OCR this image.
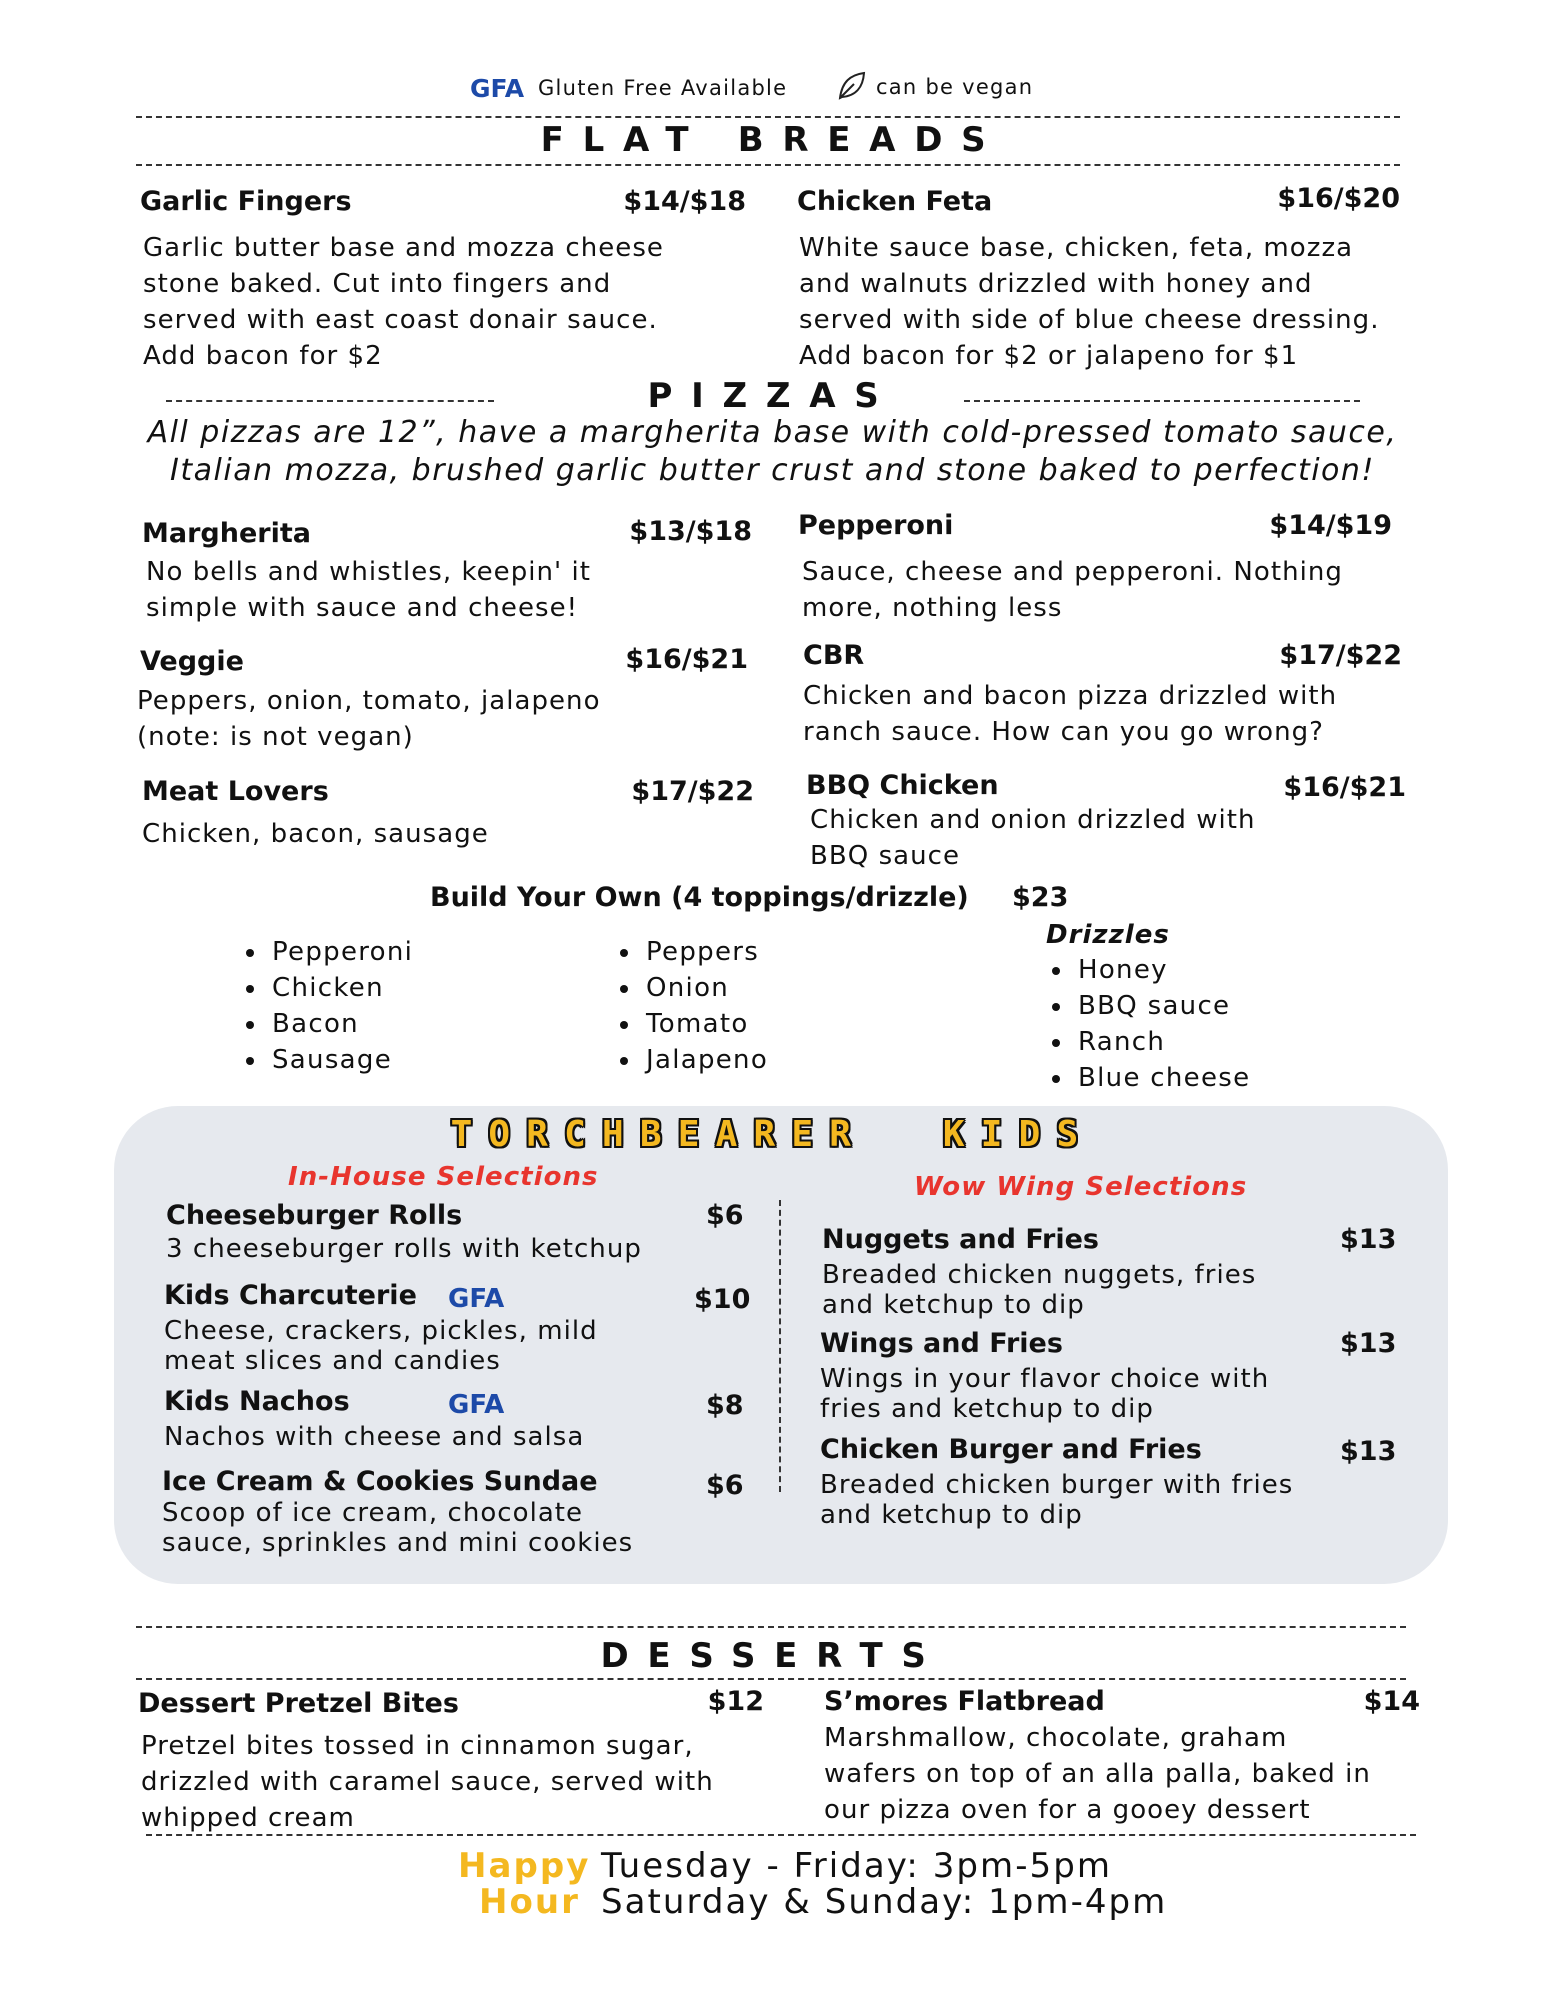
GFA Gluten Free Available	can be vegan
FLAT BREADS
Garlic Fingers	$14/$18
Garlic butter base and mozza cheese stone baked. Cut into fingers and served with east coast donair sauce. Add bacon for $2
Chicken Feta	$16/$20
White sauce base, chicken, feta, mozza and walnuts drizzled with honey and served with side of blue cheese dressing. Add bacon for $2 or jalapeno for $1
PIZZAS
All pizzas are 12”, have a margherita base with cold-pressed tomato sauce, Italian mozza, brushed garlic butter crust and stone baked to perfection!
Margherita	$13/$18
No bells and whistles, keepin' it simple with sauce and cheese!
Pepperoni	$14/$19
Sauce, cheese and pepperoni. Nothing more, nothing less
Veggie	$16/$21
Peppers, onion, tomato, jalapeno (note: is not vegan)
CBR	$17/$22
Chicken and bacon pizza drizzled with ranch sauce. How can you go wrong?
Meat Lovers	$17/$22
Chicken, bacon, sausage
BBQ Chicken	$16/$21
Chicken and onion drizzled with BBQ sauce
Build Your Own (4 toppings/drizzle) $23
• Pepperoni
• Chicken
• Bacon
• Sausage
• Peppers
• Onion
• Tomato
• Jalapeno
Drizzles
• Honey
• BBQ sauce
• Ranch
• Blue cheese
TORCHBEARER  KIDS
In-House Selections	Wow Wing Selections
Cheeseburger Rolls	$6
3 cheeseburger rolls with ketchup
Kids Charcuterie GFA	$10
Cheese, crackers, pickles, mild meat slices and candies
Kids Nachos	GFA	$8
Nachos with cheese and salsa
Ice Cream & Cookies Sundae	$6
Scoop of ice cream, chocolate sauce, sprinkles and mini cookies
Nuggets and Fries	$13
Breaded chicken nuggets, fries and ketchup to dip
Wings and Fries	$13
Wings in your flavor choice with fries and ketchup to dip
Chicken Burger and Fries	$13
Breaded chicken burger with fries and ketchup to dip
DESSERTS
Dessert Pretzel Bites	$12
Pretzel bites tossed in cinnamon sugar, drizzled with caramel sauce, served with whipped cream
S’mores Flatbread	$14
Marshmallow, chocolate, graham wafers on top of an alla palla, baked in our pizza oven for a gooey dessert
Happy
Hour
Tuesday - Friday: 3pm-5pm
Saturday & Sunday: 1pm-4pm
